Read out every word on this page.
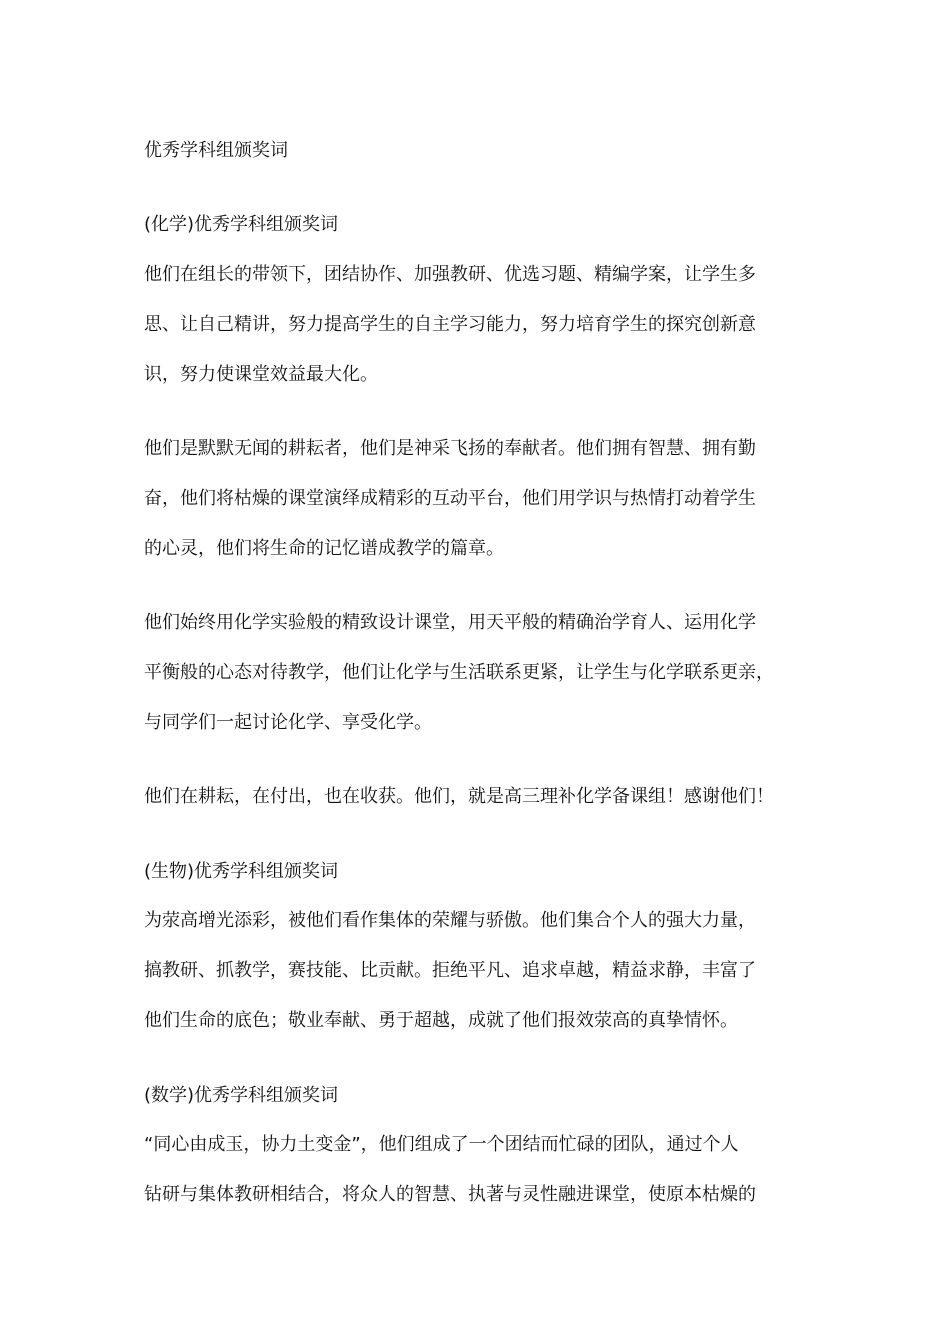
优秀学科组颁奖词
(化学)优秀学科组颁奖词

他们在组长的带领下，团结协作、加强教研、优选习题、精编学案，让学生多
思、让自己精讲，努力提高学生的自主学习能力，努力培育学生的探究创新意
识，努力使课堂效益最大化。

他们是默默无闻的耕耘者，他们是神采飞扬的奉献者。他们拥有智慧、拥有勤
奋，他们将枯燥的课堂演绎成精彩的互动平台，他们用学识与热情打动着学生
的心灵，他们将生命的记忆谱成教学的篇章。

他们始终用化学实验般的精致设计课堂，用天平般的精确治学育人、运用化学
平衡般的心态对待教学，他们让化学与生活联系更紧，让学生与化学联系更亲，
与同学们一起讨论化学、享受化学。

他们在耕耘，在付出，也在收获。他们，就是高三理补化学备课组！感谢他们！

(生物)优秀学科组颁奖词

为荥高增光添彩，被他们看作集体的荣耀与骄傲。他们集合个人的强大力量，
搞教研、抓教学，赛技能、比贡献。拒绝平凡、追求卓越，精益求静，丰富了
他们生命的底色；敬业奉献、勇于超越，成就了他们报效荥高的真挚情怀。

(数学)优秀学科组颁奖词

“同心由成玉，协力土变金”，他们组成了一个团结而忙碌的团队，通过个人
钻研与集体教研相结合，将众人的智慧、执著与灵性融进课堂，使原本枯燥的
